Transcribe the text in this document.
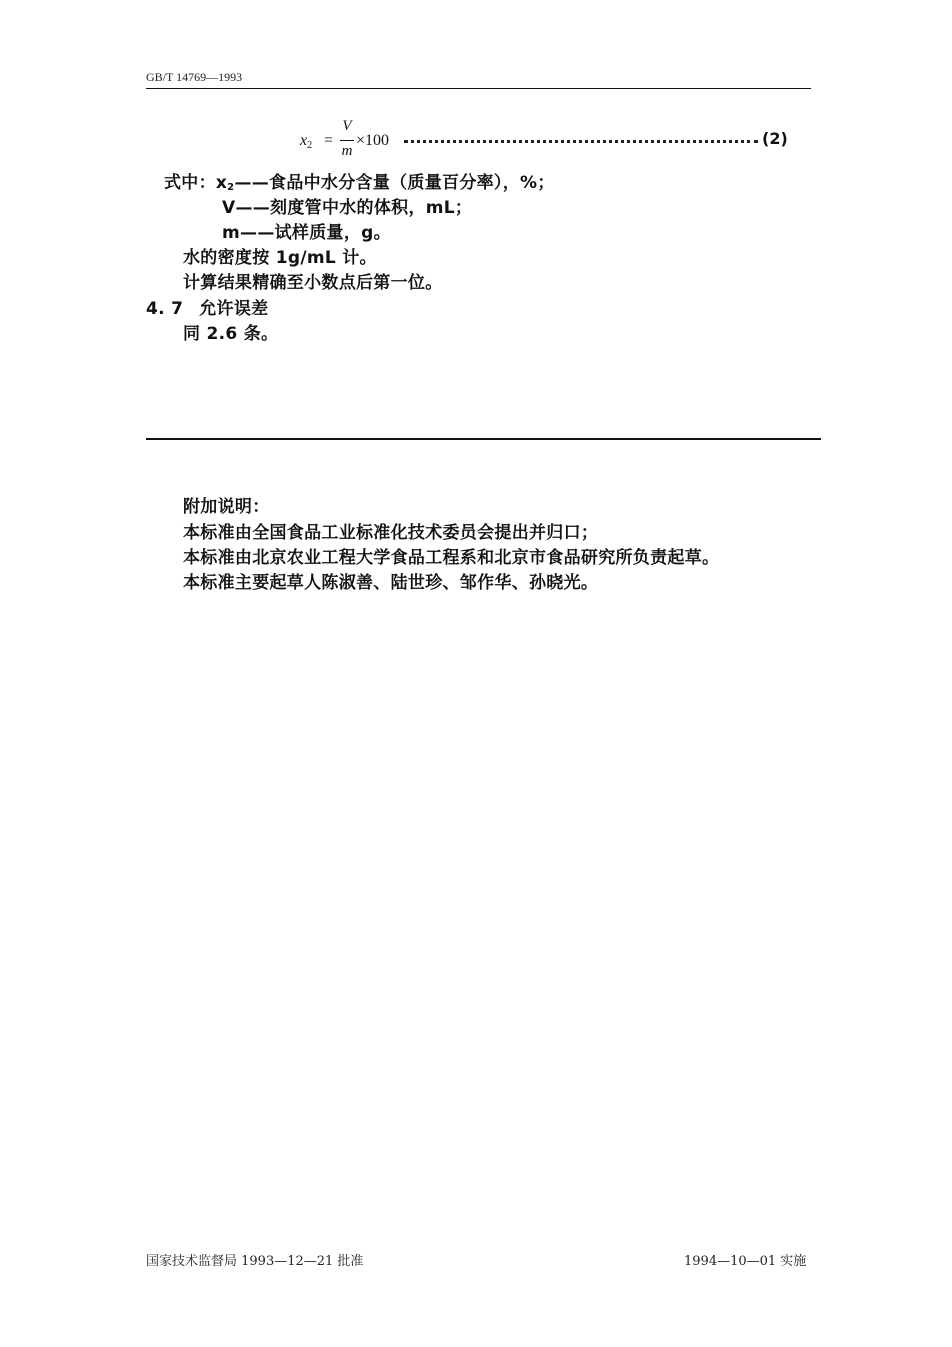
GB/T 14769—1993
x2 =
V
m
×100	(2)
式中：x2——食品中水分含量（质量百分率），%；
V——刻度管中水的体积，mL；
m——试样质量，g。
水的密度按 1g/mL 计。
计算结果精确至小数点后第一位。
4. 7 允许误差
同 2.6 条。
附加说明：
本标准由全国食品工业标准化技术委员会提出并归口；
本标准由北京农业工程大学食品工程系和北京市食品研究所负责起草。
本标准主要起草人陈淑善、陆世珍、邹作华、孙晓光。
国家技术监督局 1993—12—21 批准	1994—10—01 实施
